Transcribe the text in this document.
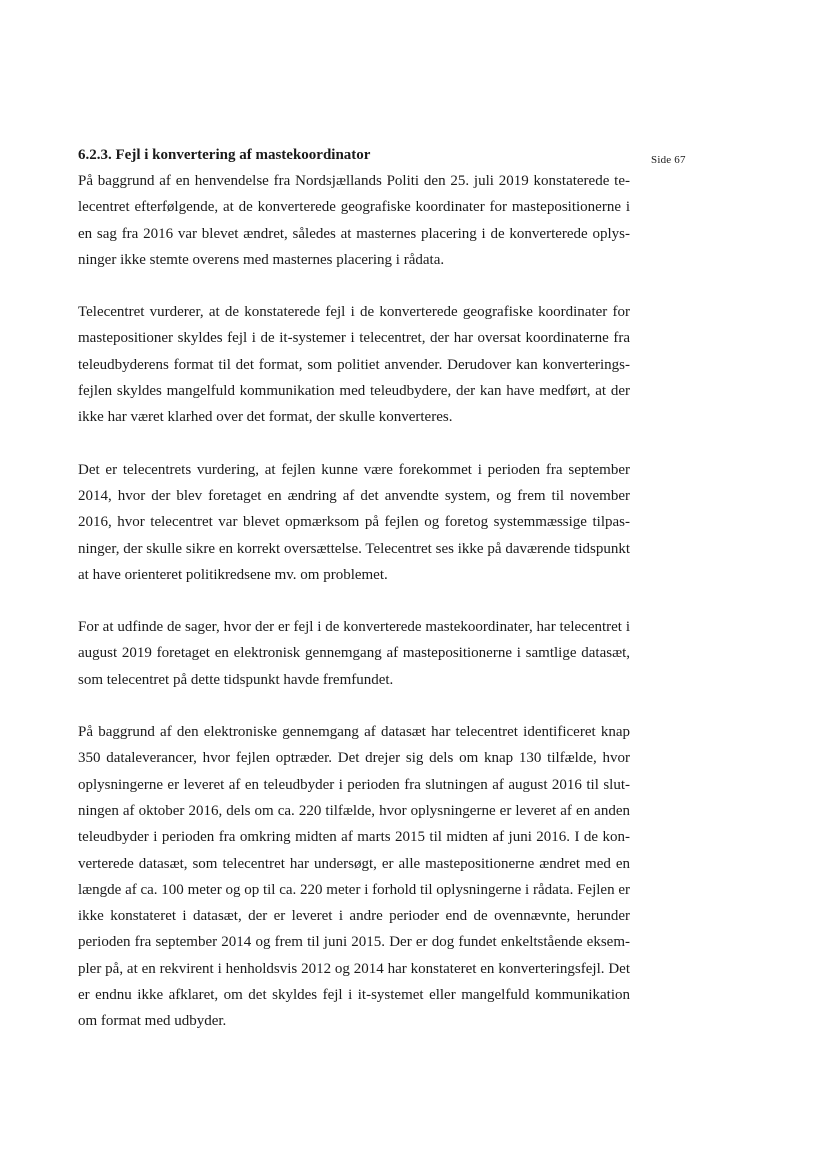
Side 67
6.2.3. Fejl i konvertering af mastekoordinator

På baggrund af en henvendelse fra Nordsjællands Politi den 25. juli 2019 konstaterede telecentret efterfølgende, at de konverterede geografiske koordinater for mastepositionerne i en sag fra 2016 var blevet ændret, således at masternes placering i de konverterede oplysninger ikke stemte overens med masternes placering i rådata.

Telecentret vurderer, at de konstaterede fejl i de konverterede geografiske koordinater for mastepositioner skyldes fejl i de it-systemer i telecentret, der har oversat koordinaterne fra teleudbyderens format til det format, som politiet anvender. Derudover kan konverteringsfejlen skyldes mangelfuld kommunikation med teleudbydere, der kan have medført, at der ikke har været klarhed over det format, der skulle konverteres.

Det er telecentrets vurdering, at fejlen kunne være forekommet i perioden fra september 2014, hvor der blev foretaget en ændring af det anvendte system, og frem til november 2016, hvor telecentret var blevet opmærksom på fejlen og foretog systemmæssige tilpasninger, der skulle sikre en korrekt oversættelse. Telecentret ses ikke på daværende tidspunkt at have orienteret politikredsene mv. om problemet.

For at udfinde de sager, hvor der er fejl i de konverterede mastekoordinater, har telecentret i august 2019 foretaget en elektronisk gennemgang af mastepositionerne i samtlige datasæt, som telecentret på dette tidspunkt havde fremfundet.

På baggrund af den elektroniske gennemgang af datasæt har telecentret identificeret knap 350 dataleverancer, hvor fejlen optræder. Det drejer sig dels om knap 130 tilfælde, hvor oplysningerne er leveret af en teleudbyder i perioden fra slutningen af august 2016 til slutningen af oktober 2016, dels om ca. 220 tilfælde, hvor oplysningerne er leveret af en anden teleudbyder i perioden fra omkring midten af marts 2015 til midten af juni 2016. I de konverterede datasæt, som telecentret har undersøgt, er alle mastepositionerne ændret med en længde af ca. 100 meter og op til ca. 220 meter i forhold til oplysningerne i rådata. Fejlen er ikke konstateret i datasæt, der er leveret i andre perioder end de ovennævnte, herunder perioden fra september 2014 og frem til juni 2015. Der er dog fundet enkeltstående eksempler på, at en rekvirent i henholdsvis 2012 og 2014 har konstateret en konverteringsfejl. Det er endnu ikke afklaret, om det skyldes fejl i it-systemet eller mangelfuld kommunikation om format med udbyder.
